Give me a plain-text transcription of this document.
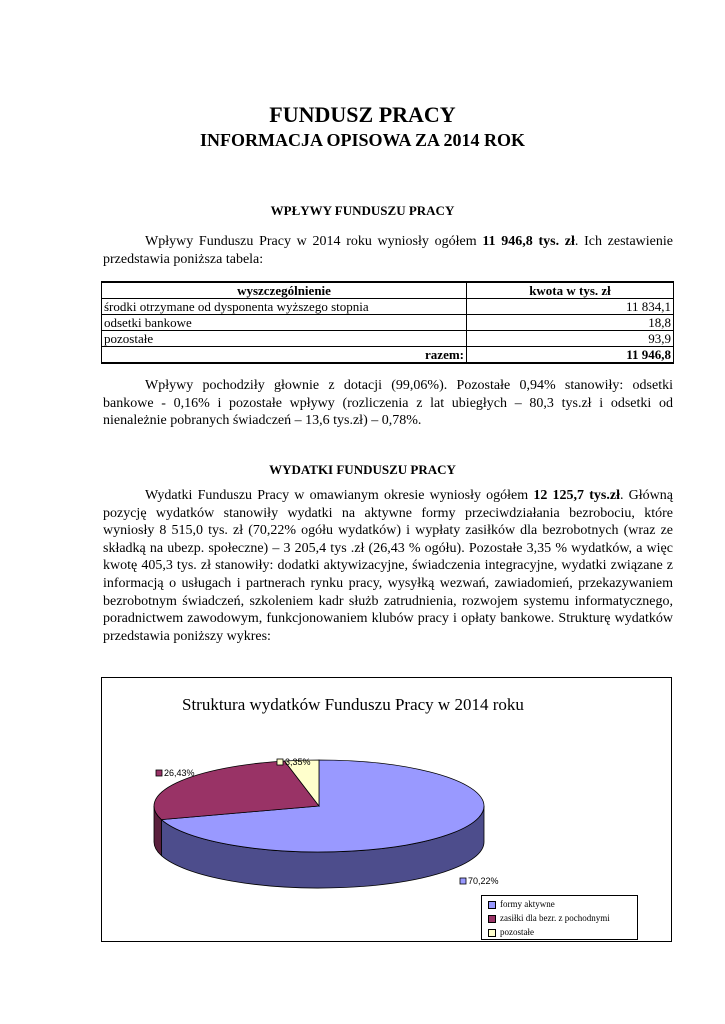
FUNDUSZ PRACY
INFORMACJA OPISOWA ZA 2014 ROK
WPŁYWY FUNDUSZU PRACY
Wpływy Funduszu Pracy w 2014 roku wyniosły ogółem 11 946,8 tys. zł. Ich zestawienie przedstawia poniższa tabela:
wyszczególnienie	kwota w tys. zł
środki otrzymane od dysponenta wyższego stopnia	11 834,1
odsetki bankowe	18,8
pozostałe	93,9
razem:	11 946,8
Wpływy pochodziły głownie z dotacji (99,06%). Pozostałe 0,94% stanowiły: odsetki bankowe - 0,16% i pozostałe wpływy (rozliczenia z lat ubiegłych – 80,3 tys.zł i odsetki od nienależnie pobranych świadczeń – 13,6 tys.zł) – 0,78%.
WYDATKI FUNDUSZU PRACY
Wydatki Funduszu Pracy w omawianym okresie wyniosły ogółem 12 125,7 tys.zł. Główną pozycję wydatków stanowiły wydatki na aktywne formy przeciwdziałania bezrobociu, które wyniosły 8 515,0 tys. zł (70,22% ogółu wydatków) i wypłaty zasiłków dla bezrobotnych (wraz ze składką na ubezp. społeczne) – 3 205,4 tys .zł (26,43 % ogółu). Pozostałe 3,35 % wydatków, a więc kwotę 405,3 tys. zł stanowiły: dodatki aktywizacyjne, świadczenia integracyjne, wydatki związane z informacją o usługach i partnerach rynku pracy, wysyłką wezwań, zawiadomień, przekazywaniem bezrobotnym świadczeń, szkoleniem kadr służb zatrudnienia, rozwojem systemu informatycznego, poradnictwem zawodowym, funkcjonowaniem klubów pracy i opłaty bankowe. Strukturę wydatków przedstawia poniższy wykres:
Struktura wydatków Funduszu Pracy w 2014 roku
70,22%
26,43%
3,35%
formy aktywne
zasiłki dla bezr. z pochodnymi
pozostałe
